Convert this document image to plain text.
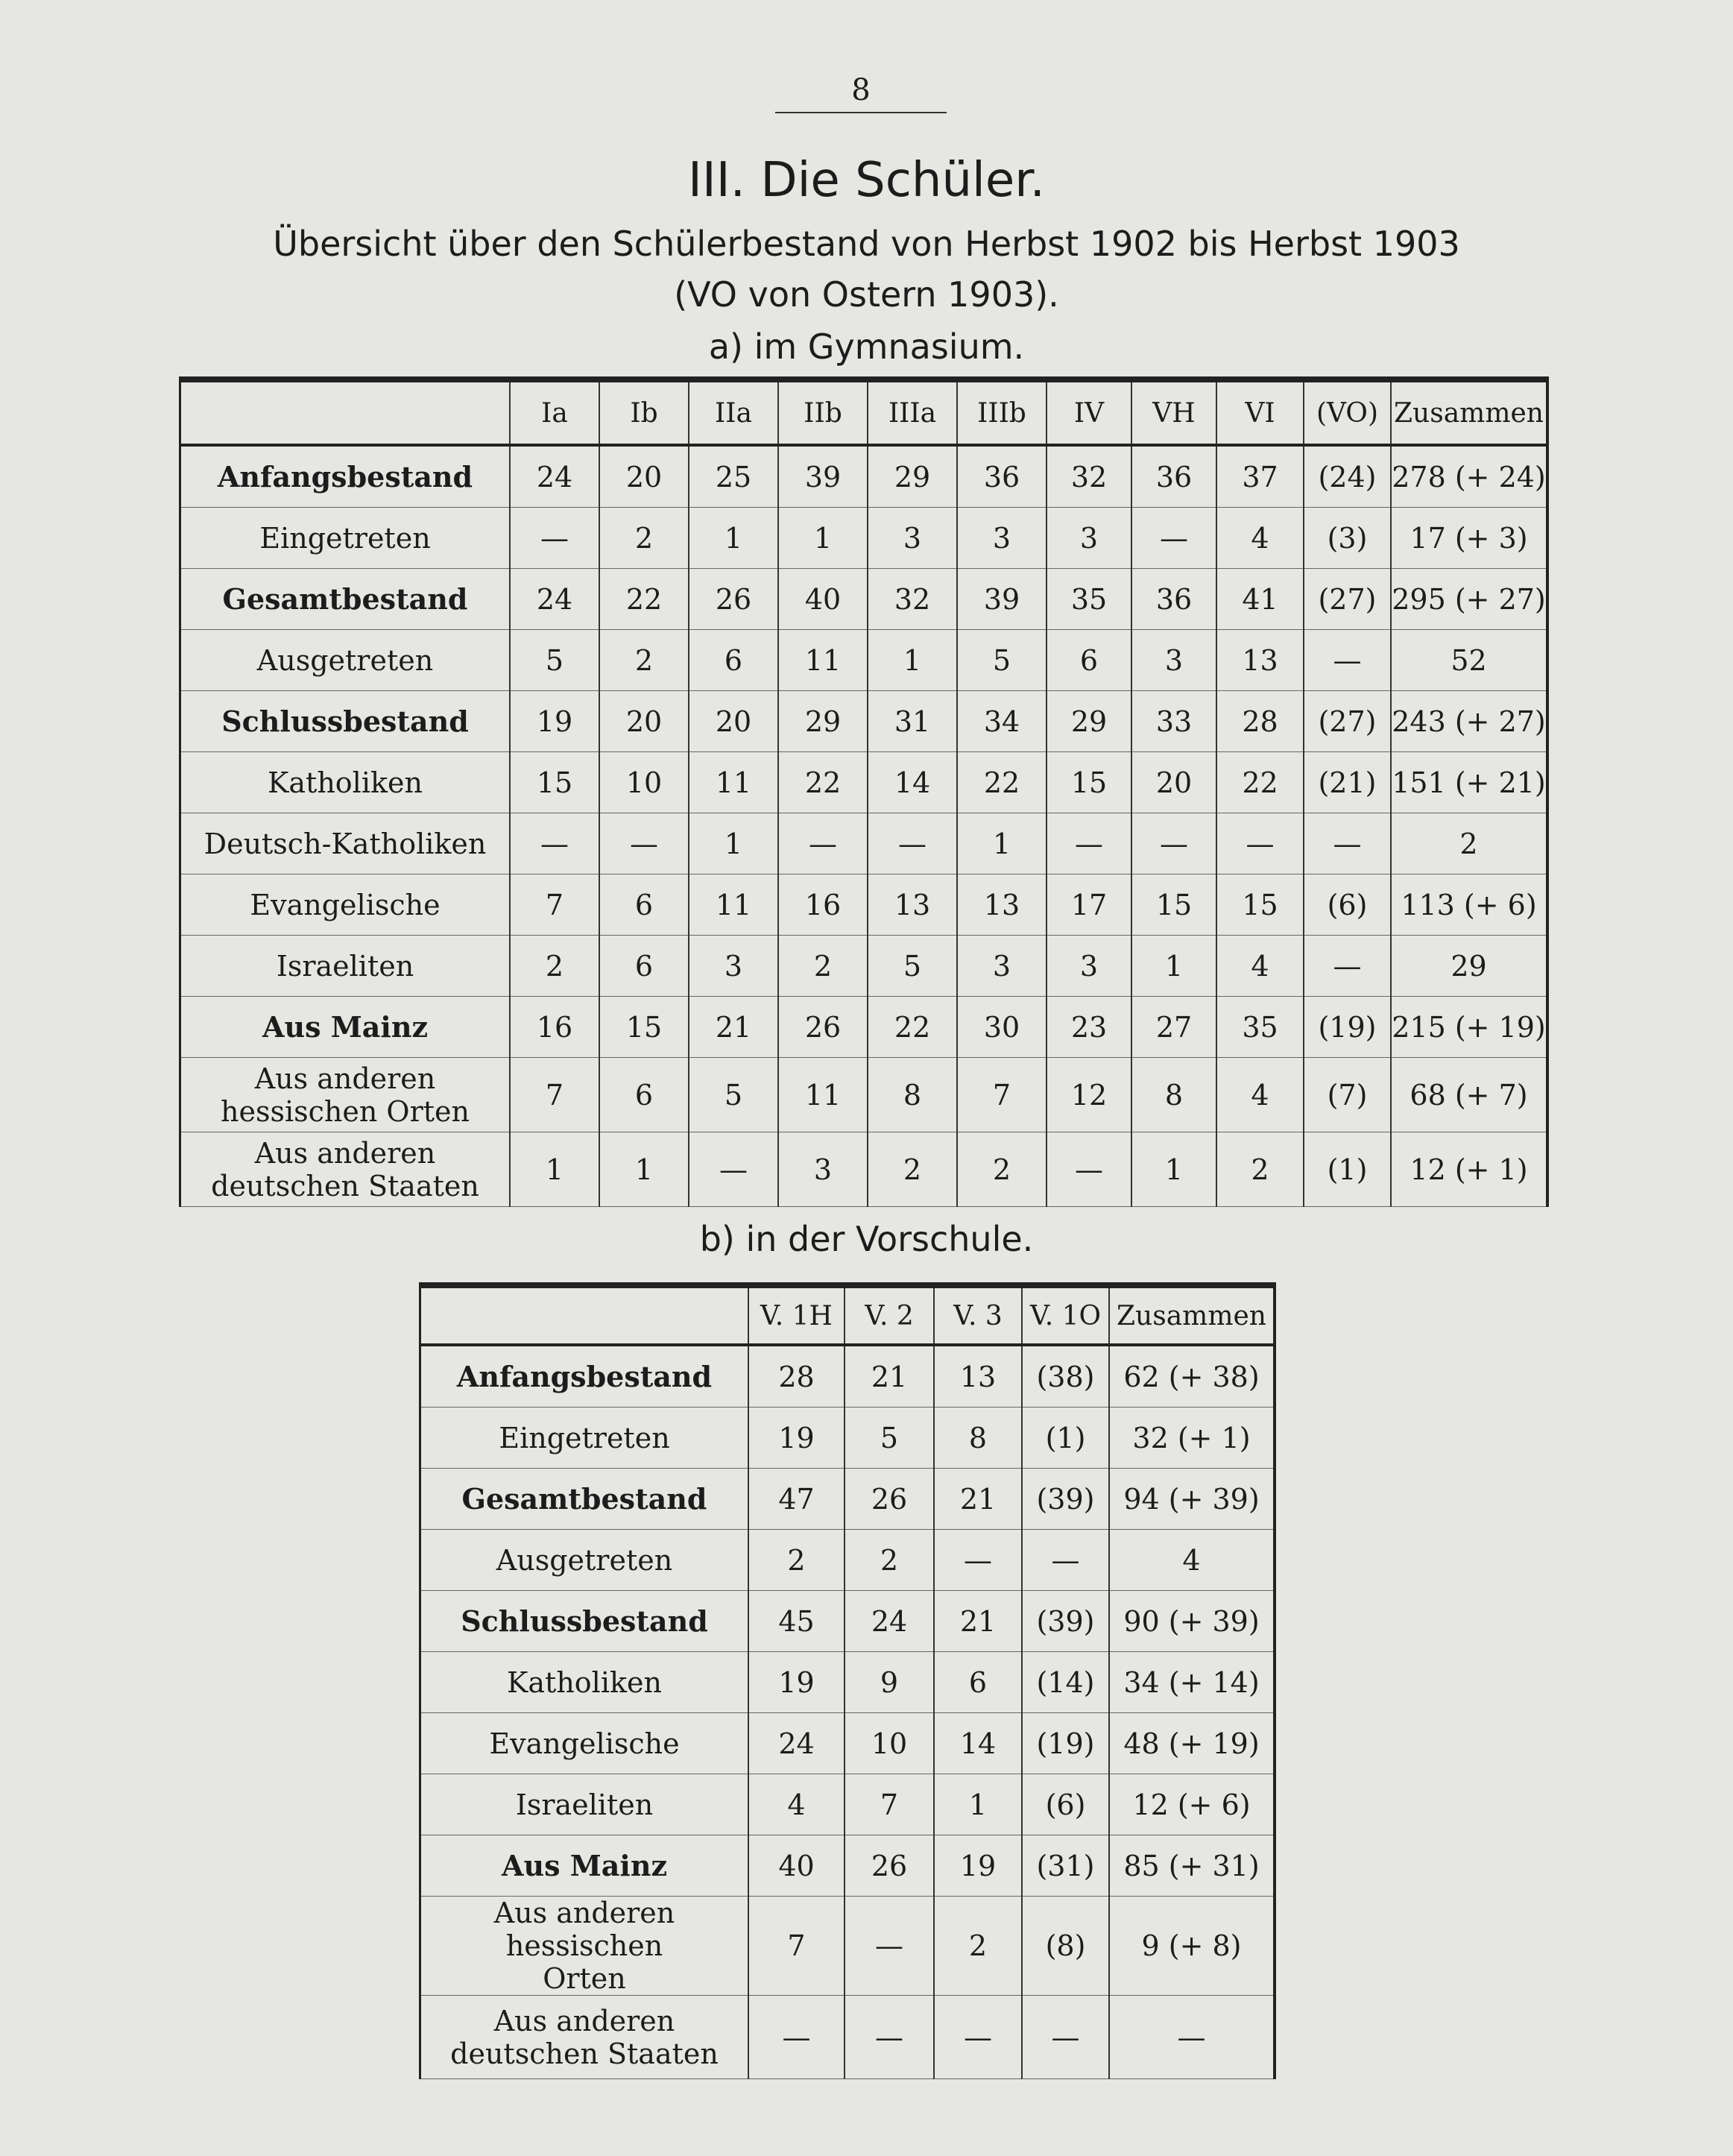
8
III. Die Schüler.
Übersicht über den Schülerbestand von Herbst 1902 bis Herbst 1903
(VO von Ostern 1903).
a) im Gymnasium.
	Ia	Ib	IIa	IIb	IIIa	IIIb	IV	VH	VI	(VO)	Zusammen
Anfangsbestand	24	20	25	39	29	36	32	36	37	(24)	278 (+ 24)
Eingetreten	—	2	1	1	3	3	3	—	4	(3)	17 (+ 3)
Gesamtbestand	24	22	26	40	32	39	35	36	41	(27)	295 (+ 27)
Ausgetreten	5	2	6	11	1	5	6	3	13	—	52
Schlussbestand	19	20	20	29	31	34	29	33	28	(27)	243 (+ 27)
Katholiken	15	10	11	22	14	22	15	20	22	(21)	151 (+ 21)
Deutsch-Katholiken	—	—	1	—	—	1	—	—	—	—	2
Evangelische	7	6	11	16	13	13	17	15	15	(6)	113 (+ 6)
Israeliten	2	6	3	2	5	3	3	1	4	—	29
Aus Mainz	16	15	21	26	22	30	23	27	35	(19)	215 (+ 19)

Aus anderen
hessischen Orten	7	6	5	11	8	7	12	8	4	(7)	68 (+ 7)

Aus anderen
deutschen Staaten	1	1	—	3	2	2	—	1	2	(1)	12 (+ 1)
b) in der Vorschule.
	V. 1H	V. 2	V. 3	V. 1O	Zusammen
Anfangsbestand	28	21	13	(38)	62 (+ 38)
Eingetreten	19	5	8	(1)	32 (+ 1)
Gesamtbestand	47	26	21	(39)	94 (+ 39)
Ausgetreten	2	2	—	—	4
Schlussbestand	45	24	21	(39)	90 (+ 39)
Katholiken	19	9	6	(14)	34 (+ 14)
Evangelische	24	10	14	(19)	48 (+ 19)
Israeliten	4	7	1	(6)	12 (+ 6)
Aus Mainz	40	26	19	(31)	85 (+ 31)

Aus anderen hessischen
Orten	7	—	2	(8)	9 (+ 8)

Aus anderen
deutschen Staaten	—	—	—	—	—
